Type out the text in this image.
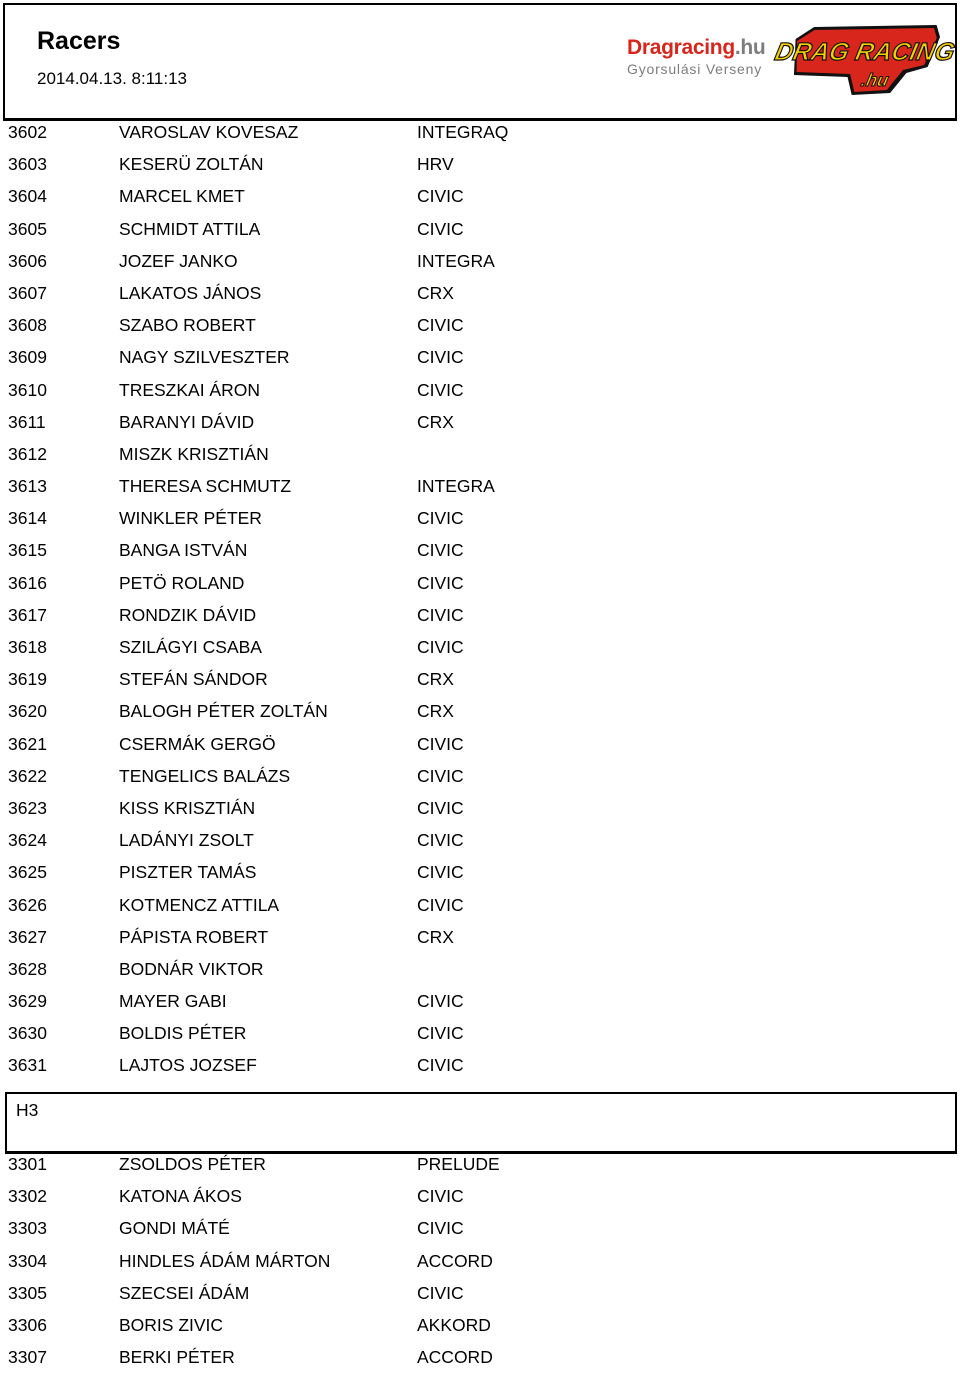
Racers
2014.04.13. 8:11:13
Dragracing.hu
Gyorsulási Verseny
DRAG RACING
.hu
3602	VAROSLAV KOVESAZ	INTEGRAQ
3603	KESERÜ ZOLTÁN	HRV
3604	MARCEL KMET	CIVIC
3605	SCHMIDT ATTILA	CIVIC
3606	JOZEF JANKO	INTEGRA
3607	LAKATOS JÁNOS	CRX
3608	SZABO ROBERT	CIVIC
3609	NAGY SZILVESZTER	CIVIC
3610	TRESZKAI ÁRON	CIVIC
3611	BARANYI DÁVID	CRX
3612	MISZK KRISZTIÁN
3613	THERESA SCHMUTZ	INTEGRA
3614	WINKLER PÉTER	CIVIC
3615	BANGA ISTVÁN	CIVIC
3616	PETÖ ROLAND	CIVIC
3617	RONDZIK DÁVID	CIVIC
3618	SZILÁGYI CSABA	CIVIC
3619	STEFÁN SÁNDOR	CRX
3620	BALOGH PÉTER ZOLTÁN	CRX
3621	CSERMÁK GERGÖ	CIVIC
3622	TENGELICS BALÁZS	CIVIC
3623	KISS KRISZTIÁN	CIVIC
3624	LADÁNYI ZSOLT	CIVIC
3625	PISZTER TAMÁS	CIVIC
3626	KOTMENCZ ATTILA	CIVIC
3627	PÁPISTA ROBERT	CRX
3628	BODNÁR VIKTOR
3629	MAYER GABI	CIVIC
3630	BOLDIS PÉTER	CIVIC
3631	LAJTOS JOZSEF	CIVIC
H3
3301	ZSOLDOS PÉTER	PRELUDE
3302	KATONA ÁKOS	CIVIC
3303	GONDI MÁTÉ	CIVIC
3304	HINDLES ÁDÁM MÁRTON	ACCORD
3305	SZECSEI ÁDÁM	CIVIC
3306	BORIS ZIVIC	AKKORD
3307	BERKI PÉTER	ACCORD
